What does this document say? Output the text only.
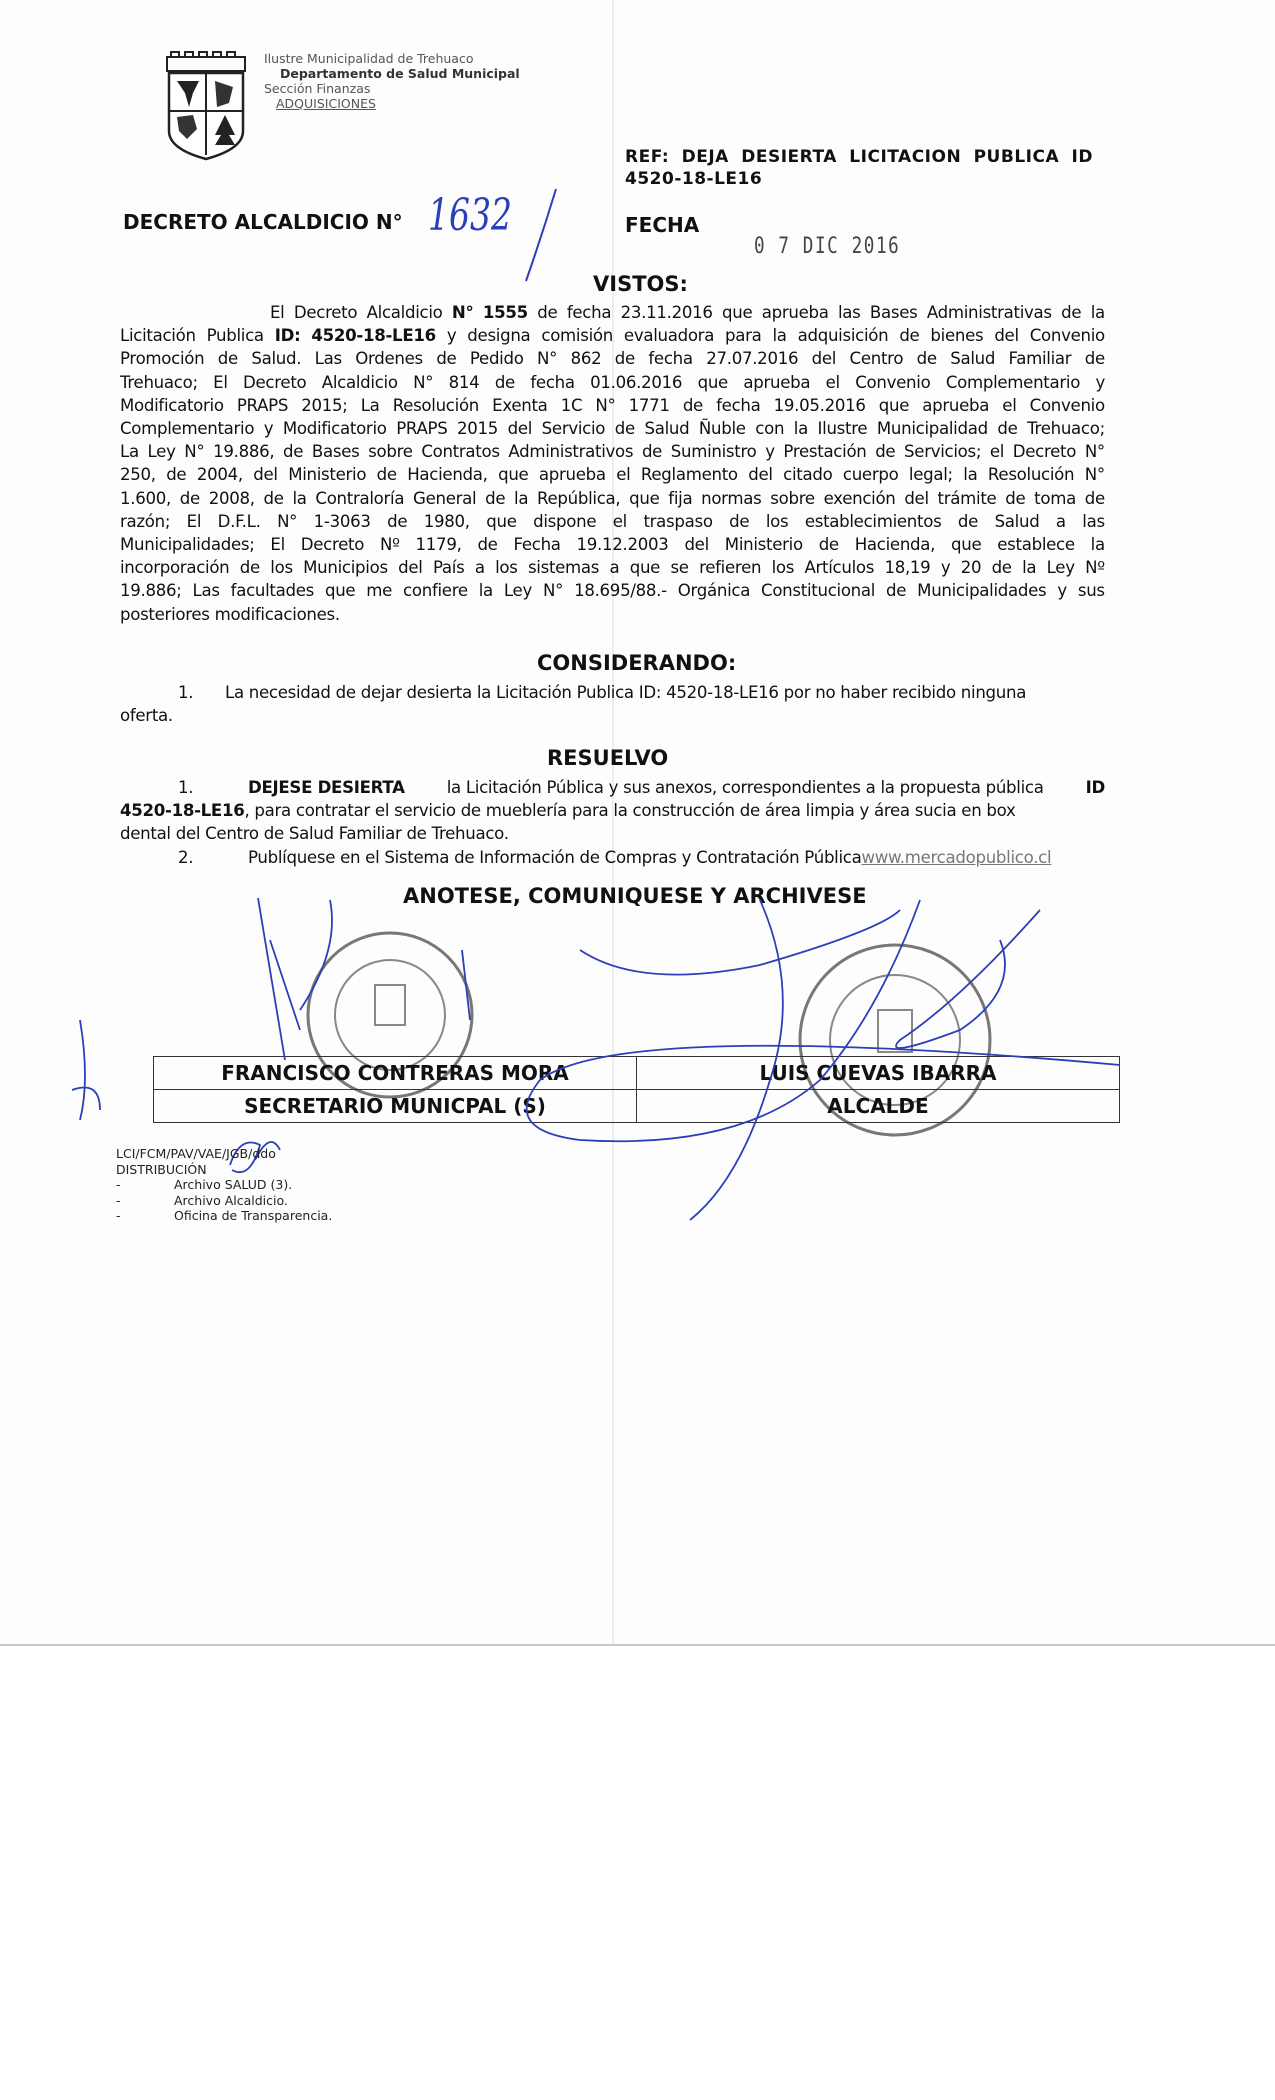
Ilustre Municipalidad de Trehuaco
Departamento de Salud Municipal
Sección Finanzas
ADQUISICIONES
REF: DEJA DESIERTA LICITACION PUBLICA ID
4520-18-LE16
DECRETO ALCALDICIO N° 1632	FECHA
0 7 DIC 2016
VISTOS:
El Decreto Alcaldicio N° 1555 de fecha 23.11.2016 que aprueba las Bases Administrativas de la
Licitación Publica ID: 4520-18-LE16 y designa comisión evaluadora para la adquisición de bienes del Convenio
Promoción de Salud. Las Ordenes de Pedido N° 862 de fecha 27.07.2016 del Centro de Salud Familiar de
Trehuaco; El Decreto Alcaldicio N° 814 de fecha 01.06.2016 que aprueba el Convenio Complementario y
Modificatorio PRAPS 2015; La Resolución Exenta 1C N° 1771 de fecha 19.05.2016 que aprueba el Convenio
Complementario y Modificatorio PRAPS 2015 del Servicio de Salud Ñuble con la Ilustre Municipalidad de Trehuaco;
La Ley N° 19.886, de Bases sobre Contratos Administrativos de Suministro y Prestación de Servicios; el Decreto N°
250, de 2004, del Ministerio de Hacienda, que aprueba el Reglamento del citado cuerpo legal; la Resolución N°
1.600, de 2008, de la Contraloría General de la República, que fija normas sobre exención del trámite de toma de
razón; El D.F.L. N° 1-3063 de 1980, que dispone el traspaso de los establecimientos de Salud a las
Municipalidades; El Decreto Nº 1179, de Fecha 19.12.2003 del Ministerio de Hacienda, que establece la
incorporación de los Municipios del País a los sistemas a que se refieren los Artículos 18,19 y 20 de la Ley Nº
19.886; Las facultades que me confiere la Ley N° 18.695/88.- Orgánica Constitucional de Municipalidades y sus
posteriores modificaciones.
CONSIDERANDO:
1. La necesidad de dejar desierta la Licitación Publica ID: 4520-18-LE16 por no haber recibido ninguna
oferta.
RESUELVO
1.	DEJESE DESIERTA	la Licitación Pública y sus anexos, correspondientes a la propuesta pública	ID
4520-18-LE16 , para contratar el servicio de mueblería para la construcción de área limpia y área sucia en box
dental del Centro de Salud Familiar de Trehuaco.
2.	Publíquese en el Sistema de Información de Compras y Contratación Pública www.mercadopublico.cl
ANOTESE, COMUNIQUESE Y ARCHIVESE
FRANCISCO CONTRERAS MORA	LUIS CUEVAS IBARRA
SECRETARIO MUNICPAL (S)	ALCALDE
LCI/FCM/PAV/VAE/JGB/ddo
DISTRIBUCIÓN
-	Archivo SALUD (3).
-	Archivo Alcaldicio.
-	Oficina de Transparencia.
